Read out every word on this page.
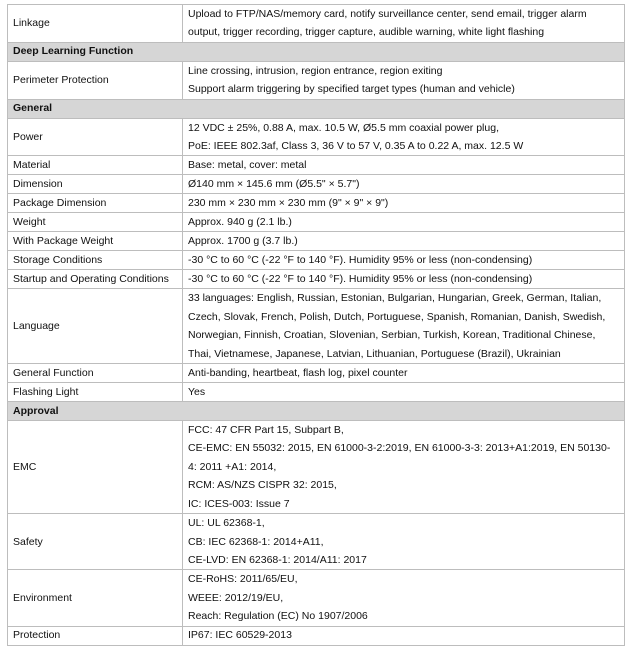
Linkage	Upload to FTP/NAS/memory card, notify surveillance center, send email, trigger alarm output, trigger recording, trigger capture, audible warning, white light flashing

Deep Learning Function	
Perimeter Protection	Line crossing, intrusion, region entrance, region exiting
Support alarm triggering by specified target types (human and vehicle)

General	
Power	12 VDC ± 25%, 0.88 A, max. 10.5 W, Ø5.5 mm coaxial power plug,
PoE: IEEE 802.3af, Class 3, 36 V to 57 V, 0.35 A to 0.22 A, max. 12.5 W

Material	Base: metal, cover: metal

Dimension	Ø140 mm × 145.6 mm (Ø5.5" × 5.7")

Package Dimension	230 mm × 230 mm × 230 mm (9" × 9" × 9")

Weight	Approx. 940 g (2.1 lb.)

With Package Weight	Approx. 1700 g (3.7 lb.)

Storage Conditions	-30 °C to 60 °C (-22 °F to 140 °F). Humidity 95% or less (non-condensing)

Startup and Operating Conditions	-30 °C to 60 °C (-22 °F to 140 °F). Humidity 95% or less (non-condensing)

Language	33 languages: English, Russian, Estonian, Bulgarian, Hungarian, Greek, German, Italian, Czech, Slovak, French, Polish, Dutch, Portuguese, Spanish, Romanian, Danish, Swedish, Norwegian, Finnish, Croatian, Slovenian, Serbian, Turkish, Korean, Traditional Chinese, Thai, Vietnamese, Japanese, Latvian, Lithuanian, Portuguese (Brazil), Ukrainian

General Function	Anti-banding, heartbeat, flash log, pixel counter

Flashing Light	Yes

Approval	
EMC	FCC: 47 CFR Part 15, Subpart B,
CE-EMC: EN 55032: 2015, EN 61000-3-2:2019, EN 61000-3-3: 2013+A1:2019, EN 50130-4: 2011 +A1: 2014,
RCM: AS/NZS CISPR 32: 2015,
IC: ICES-003: Issue 7

Safety	UL: UL 62368-1,
CB: IEC 62368-1: 2014+A11,
CE-LVD: EN 62368-1: 2014/A11: 2017

Environment	CE-RoHS: 2011/65/EU,
WEEE: 2012/19/EU,
Reach: Regulation (EC) No 1907/2006

Protection	IP67: IEC 60529-2013
